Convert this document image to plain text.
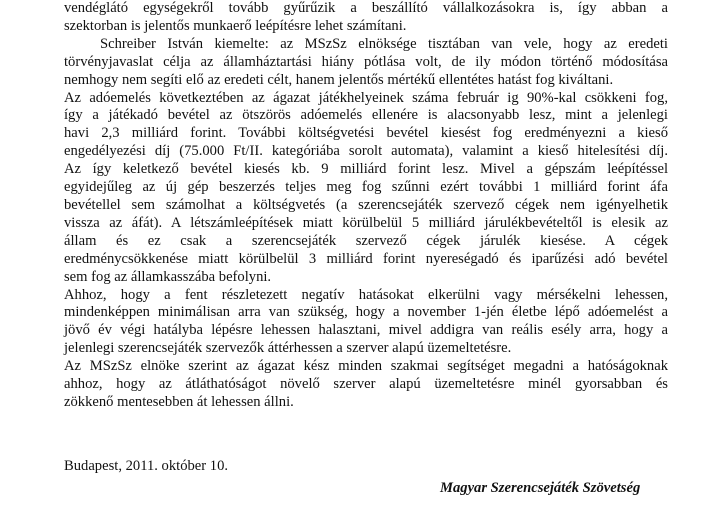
vendéglátó egységekről tovább gyűrűzik a beszállító vállalkozásokra is, így abban a
szektorban is jelentős munkaerő leépítésre lehet számítani.
Schreiber István kiemelte: az MSzSz elnöksége tisztában van vele, hogy az eredeti
törvényjavaslat célja az államháztartási hiány pótlása volt, de ily módon történő módosítása
nemhogy nem segíti elő az eredeti célt, hanem jelentős mértékű ellentétes hatást fog kiváltani.
Az adóemelés következtében az ágazat játékhelyeinek száma február ig 90%-kal csökkeni fog,
így a játékadó bevétel az ötszörös adóemelés ellenére is alacsonyabb lesz, mint a jelenlegi
havi 2,3 milliárd forint. További költségvetési bevétel kiesést fog eredményezni a kieső
engedélyezési díj (75.000 Ft/II. kategóriába sorolt automata), valamint a kieső hitelesítési díj.
Az így keletkező bevétel kiesés kb. 9 milliárd forint lesz. Mivel a gépszám leépítéssel
egyidejűleg az új gép beszerzés teljes meg fog szűnni ezért további 1 milliárd forint áfa
bevétellel sem számolhat a költségvetés (a szerencsejáték szervező cégek nem igényelhetik
vissza az áfát). A létszámleépítések miatt körülbelül 5 milliárd járulékbevételtől is elesik az
állam és ez csak a szerencsejáték szervező cégek járulék kiesése. A cégek
eredménycsökkenése miatt körülbelül 3 milliárd forint nyereségadó és iparűzési adó bevétel
sem fog az államkasszába befolyni.
Ahhoz, hogy a fent részletezett negatív hatásokat elkerülni vagy mérsékelni lehessen,
mindenképpen minimálisan arra van szükség, hogy a november 1-jén életbe lépő adóemelést a
jövő év végi hatályba lépésre lehessen halasztani, mivel addigra van reális esély arra, hogy a
jelenlegi szerencsejáték szervezők áttérhessen a szerver alapú üzemeltetésre.
Az MSzSz elnöke szerint az ágazat kész minden szakmai segítséget megadni a hatóságoknak
ahhoz, hogy az átláthatóságot növelő szerver alapú üzemeltetésre minél gyorsabban és
zökkenő mentesebben át lehessen állni.
Budapest, 2011. október 10.
Magyar Szerencsejáték Szövetség
